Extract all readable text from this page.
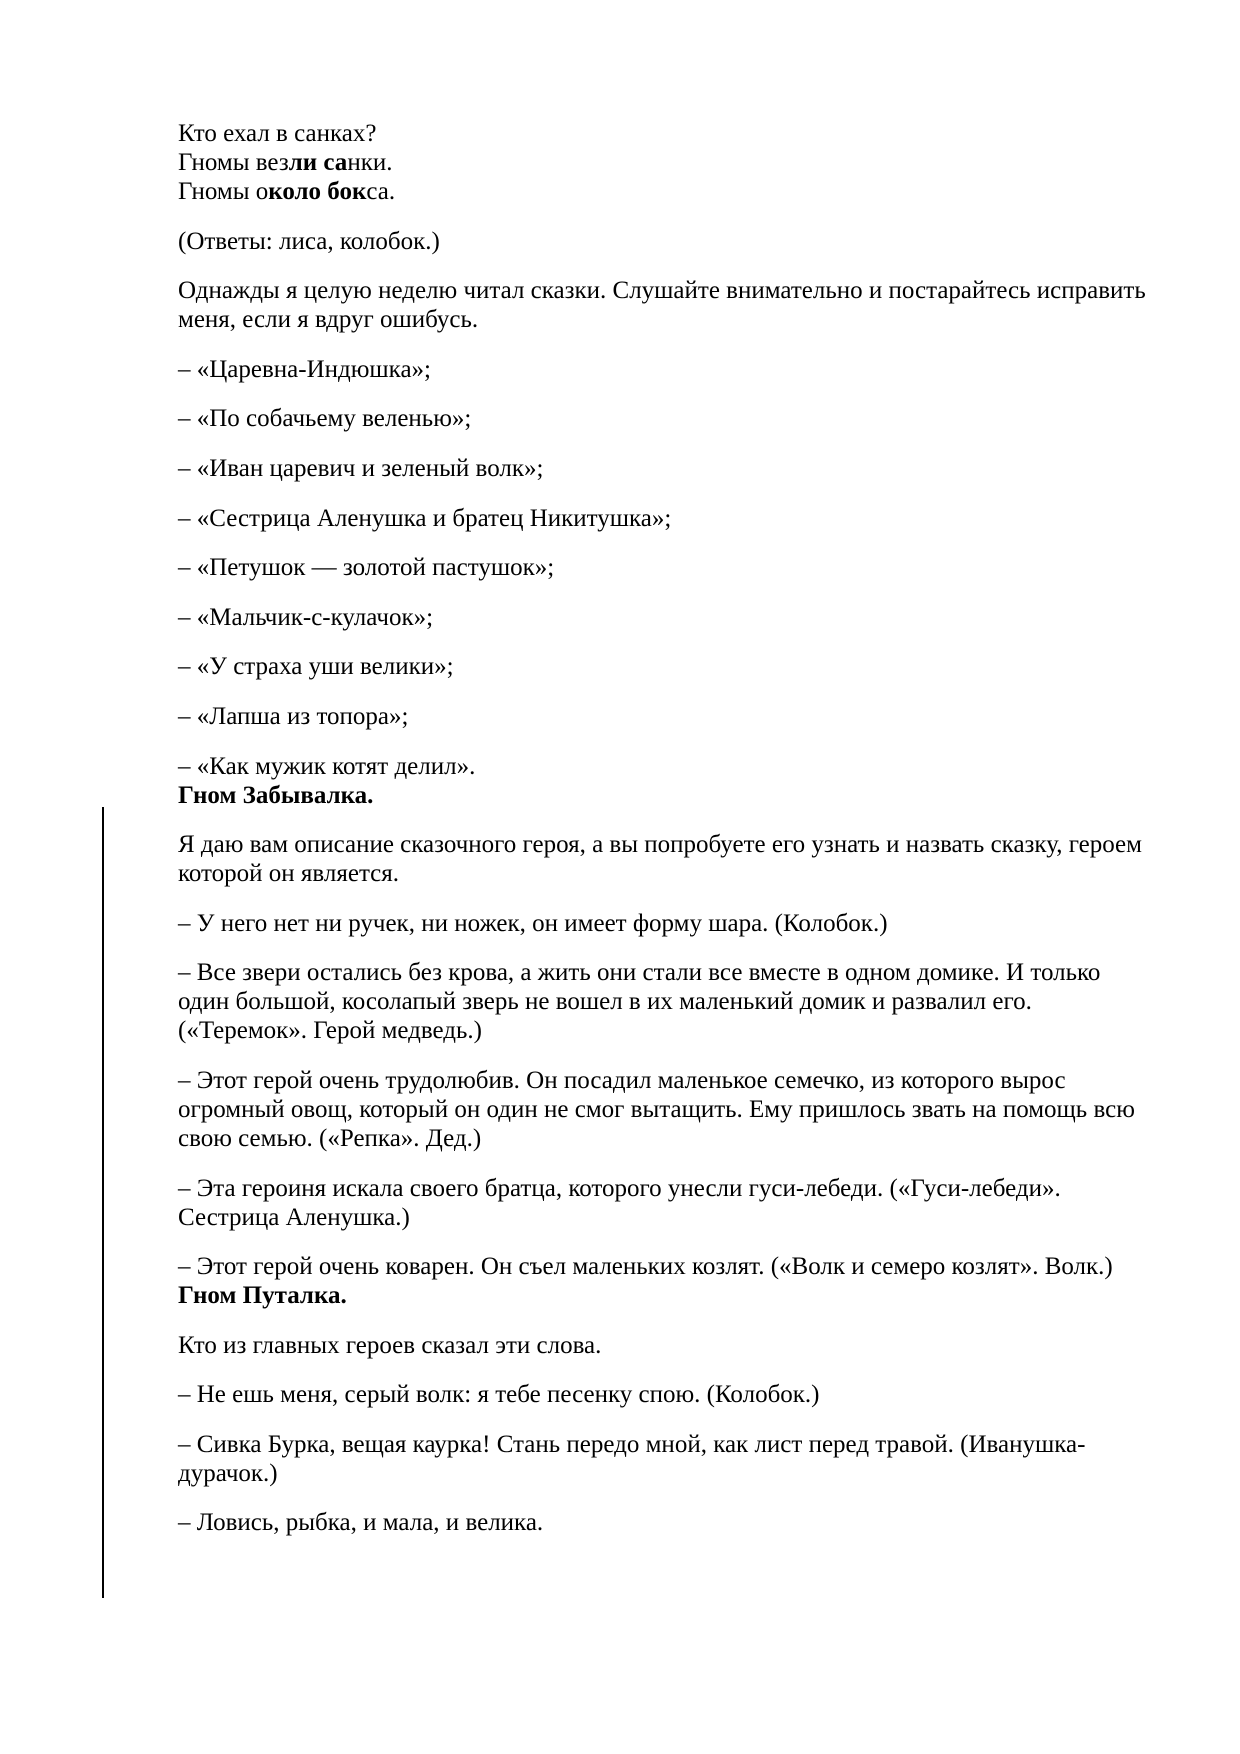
Кто ехал в санках?
Гномы везли санки.
Гномы около бокса.
(Ответы: лиса, колобок.)
Однажды я целую неделю читал сказки. Слушайте внимательно и постарайтесь исправить
меня, если я вдруг ошибусь.
– «Царевна-Индюшка»;
– «По собачьему веленью»;
– «Иван царевич и зеленый волк»;
– «Сестрица Аленушка и братец Никитушка»;
– «Петушок — золотой пастушок»;
– «Мальчик-с-кулачок»;
– «У страха уши велики»;
– «Лапша из топора»;
– «Как мужик котят делил».
Гном Забывалка.
Я даю вам описание сказочного героя, а вы попробуете его узнать и назвать сказку, героем
которой он является.
– У него нет ни ручек, ни ножек, он имеет форму шара. (Колобок.)
– Все звери остались без крова, а жить они стали все вместе в одном домике. И только
один большой, косолапый зверь не вошел в их маленький домик и развалил его.
(«Теремок». Герой медведь.)
– Этот герой очень трудолюбив. Он посадил маленькое семечко, из которого вырос
огромный овощ, который он один не смог вытащить. Ему пришлось звать на помощь всю
свою семью. («Репка». Дед.)
– Эта героиня искала своего братца, которого унесли гуси-лебеди. («Гуси-лебеди».
Сестрица Аленушка.)
– Этот герой очень коварен. Он съел маленьких козлят. («Волк и семеро козлят». Волк.)
Гном Путалка.
Кто из главных героев сказал эти слова.
– Не ешь меня, серый волк: я тебе песенку спою. (Колобок.)
– Сивка Бурка, вещая каурка! Стань передо мной, как лист перед травой. (Иванушка-
дурачок.)
– Ловись, рыбка, и мала, и велика.
